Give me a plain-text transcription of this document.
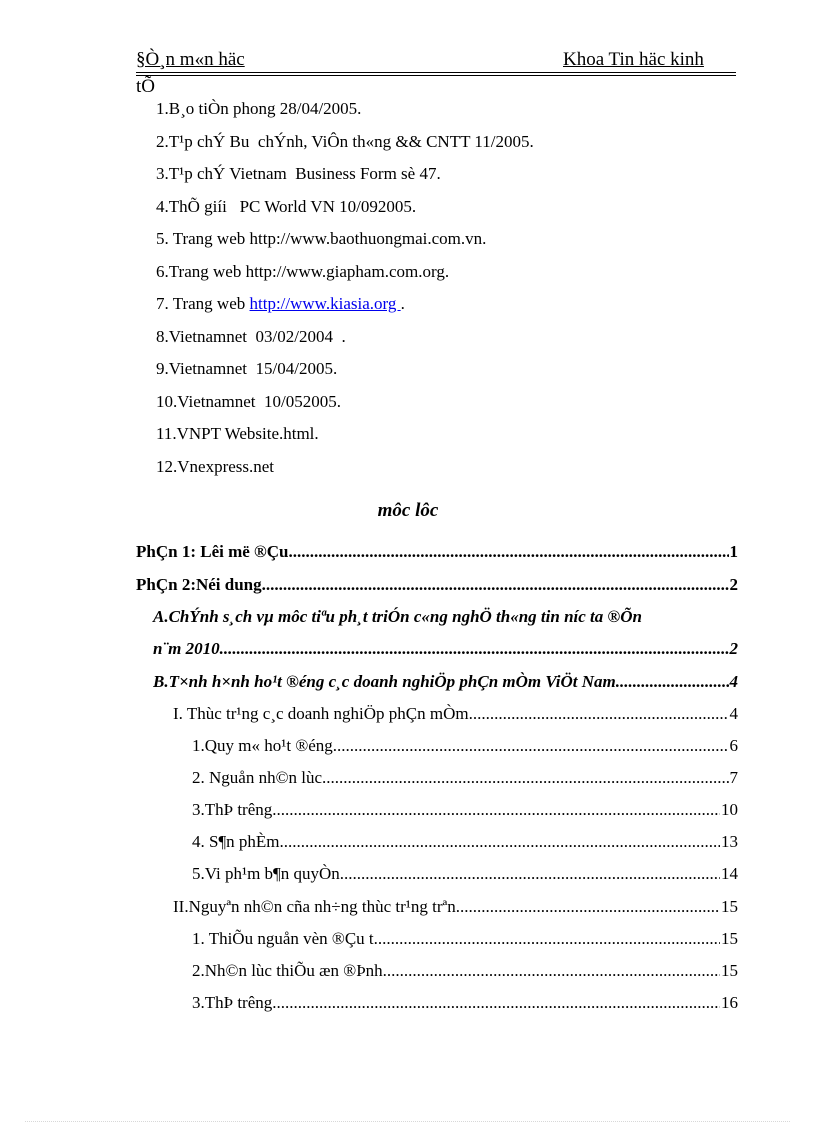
§Ò¸n m«n häc	Khoa Tin häc kinh
tÕ
1.B¸o tiÒn phong 28/04/2005.
2.T¹p chÝ Bu  chÝnh, ViÔn th«ng && CNTT 11/2005.
3.T¹p chÝ Vietnam  Business Form sè 47.
4.ThÕ giíi   PC World VN 10/092005.
5. Trang web http://www.baothuongmai.com.vn.
6.Trang web http://www.giapham.com.org.
7. Trang web http://www.kiasia.org .
8.Vietnamnet  03/02/2004  .
9.Vietnamnet  15/04/2005.
10.Vietnamnet  10/052005.
11.VNPT Website.html.
12.Vnexpress.net
môc lôc
PhÇn 1: Lêi më ®Çu .....	1
PhÇn 2:Néi dung .....	2
A.ChÝnh s¸ch vµ môc tiªu ph¸t triÓn c«ng nghÖ th«ng tin níc ta ®Õn
n¨m 2010. .....	2
B.T×nh h×nh ho¹t ®éng c¸c doanh nghiÖp phÇn mÒm ViÖt Nam .....	4
I. Thùc tr¹ng c¸c doanh nghiÖp phÇn mÒm .....	4
1.Quy m« ho¹t ®éng .....	6
2. Nguån nh©n lùc .....	7
3.ThÞ trêng .....	10
4. S¶n phÈm .....	13
5.Vi ph¹m b¶n quyÒn .....	14
II.Nguyªn nh©n cña nh÷ng thùc tr¹ng trªn .....	15
1. ThiÕu nguån vèn ®Çu t .....	15
2.Nh©n lùc thiÕu æn ®Þnh .....	15
3.ThÞ trêng .....	16
